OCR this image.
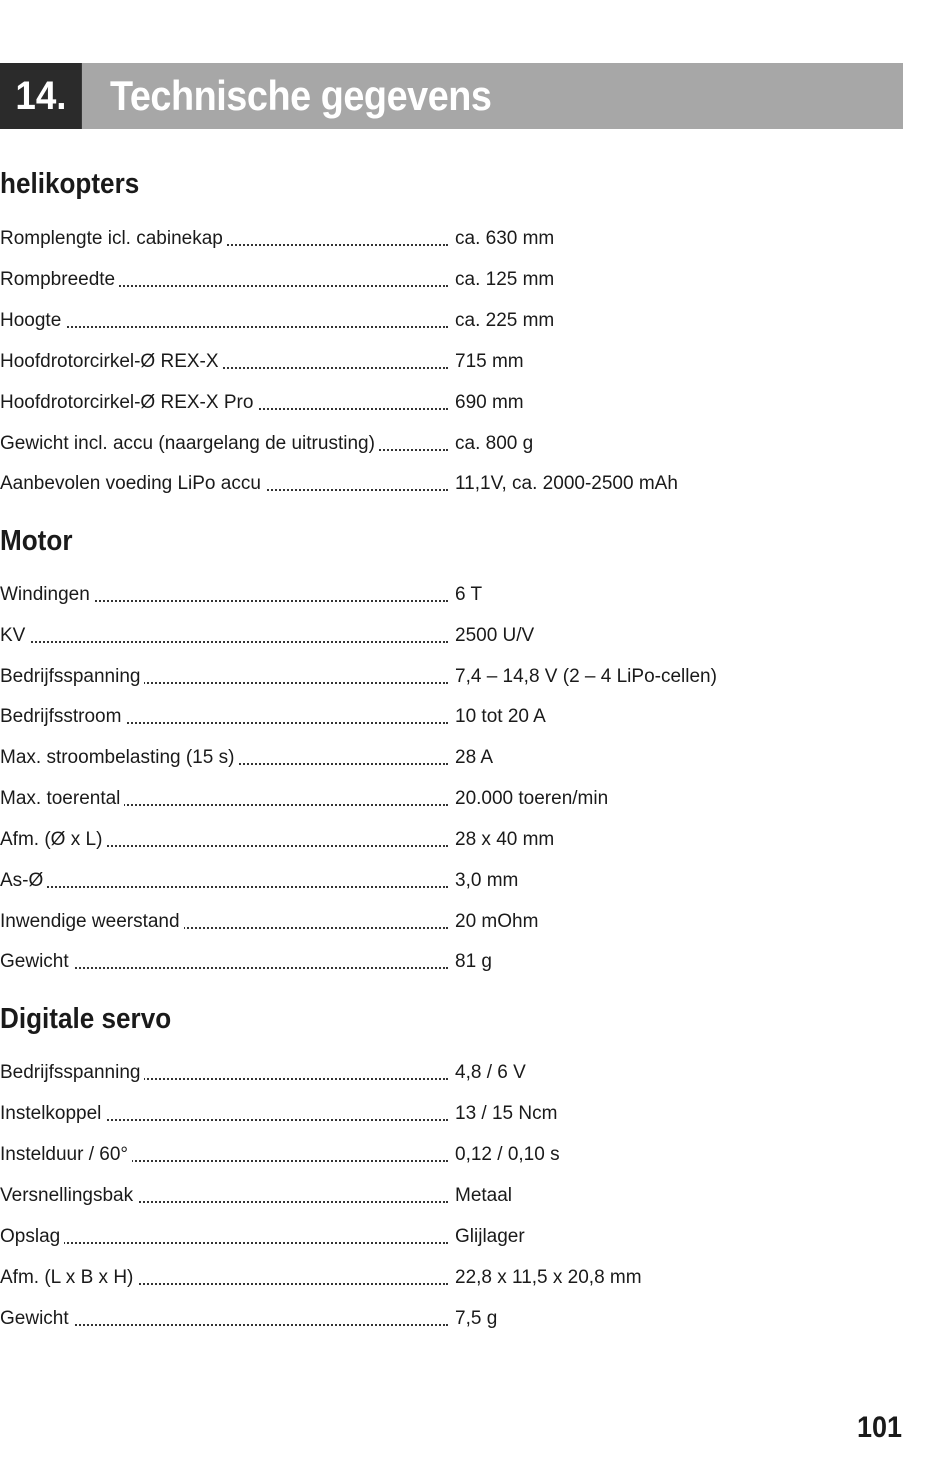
14.	Technische gegevens
helikopters
Romplengte icl. cabinekap	ca. 630 mm
Rompbreedte	ca. 125 mm
Hoogte	ca. 225 mm
Hoofdrotorcirkel-Ø REX-X	715 mm
Hoofdrotorcirkel-Ø REX-X Pro	690 mm
Gewicht incl. accu (naargelang de uitrusting)	ca. 800 g
Aanbevolen voeding LiPo accu	11,1V, ca. 2000-2500 mAh
Motor
Windingen	6 T
KV	2500 U/V
Bedrijfsspanning	7,4 – 14,8 V (2 – 4 LiPo-cellen)
Bedrijfsstroom	10 tot 20 A
Max. stroombelasting (15 s)	28 A
Max. toerental	20.000 toeren/min
Afm. (Ø x L)	28 x 40 mm
As-Ø	3,0 mm
Inwendige weerstand	20 mOhm
Gewicht	81 g
Digitale servo
Bedrijfsspanning	4,8 / 6 V
Instelkoppel	13 / 15 Ncm
Instelduur / 60°	0,12 / 0,10 s
Versnellingsbak	Metaal
Opslag	Glijlager
Afm. (L x B x H)	22,8 x 11,5 x 20,8 mm
Gewicht	7,5 g
101
